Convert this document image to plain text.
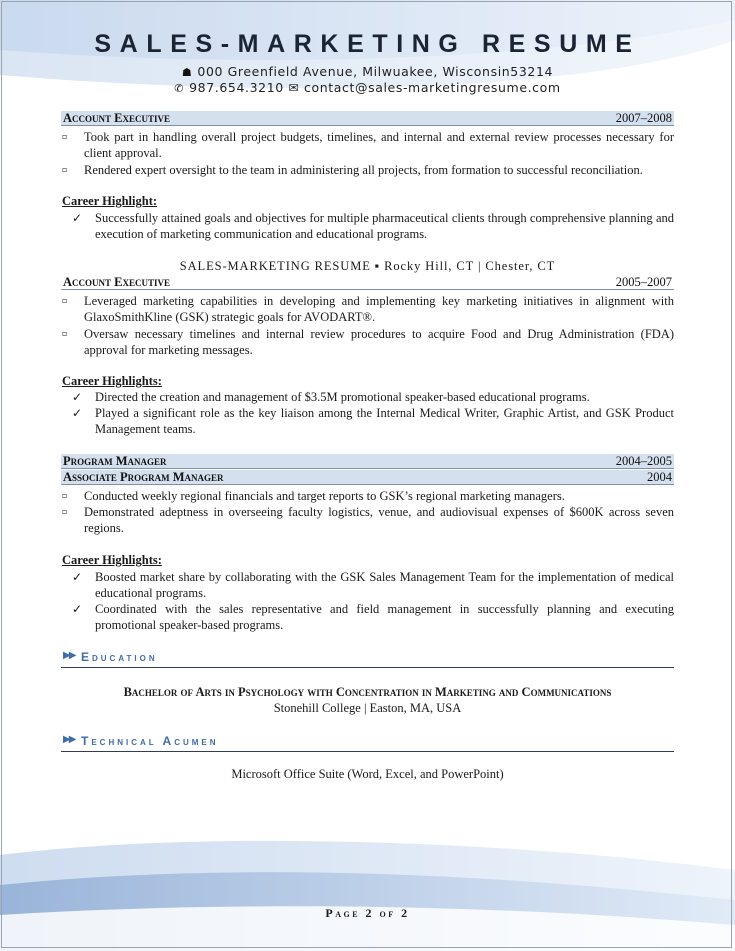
SALES-MARKETING RESUME
☗ 000 Greenfield Avenue, Milwuakee, Wisconsin53214
✆ 987.654.3210 ✉ contact@sales-marketingresume.com
Account Executive	2007–2008
▫ Took part in handling overall project budgets, timelines, and internal and external review processes necessary for client approval.
▫ Rendered expert oversight to the team in administering all projects, from formation to successful reconciliation.
Career Highlight:
✓ Successfully attained goals and objectives for multiple pharmaceutical clients through comprehensive planning and execution of marketing communication and educational programs.
SALES-MARKETING RESUME ▪ Rocky Hill, CT | Chester, CT
Account Executive	2005–2007
▫ Leveraged marketing capabilities in developing and implementing key marketing initiatives in alignment with GlaxoSmithKline (GSK) strategic goals for AVODART®.
▫ Oversaw necessary timelines and internal review procedures to acquire Food and Drug Administration (FDA) approval for marketing messages.
Career Highlights:
✓ Directed the creation and management of $3.5M promotional speaker-based educational programs.
✓ Played a significant role as the key liaison among the Internal Medical Writer, Graphic Artist, and GSK Product Management teams.
Program Manager	2004–2005
Associate Program Manager	2004
▫ Conducted weekly regional financials and target reports to GSK’s regional marketing managers.
▫ Demonstrated adeptness in overseeing faculty logistics, venue, and audiovisual expenses of $600K across seven regions.
Career Highlights:
✓ Boosted market share by collaborating with the GSK Sales Management Team for the implementation of medical educational programs.
✓ Coordinated with the sales representative and field management in successfully planning and executing promotional speaker-based programs.
▶▶ Education
Bachelor of Arts in Psychology with Concentration in Marketing and Communications
Stonehill College | Easton, MA, USA
▶▶ Technical Acumen
Microsoft Office Suite (Word, Excel, and PowerPoint)
Page 2 of 2
